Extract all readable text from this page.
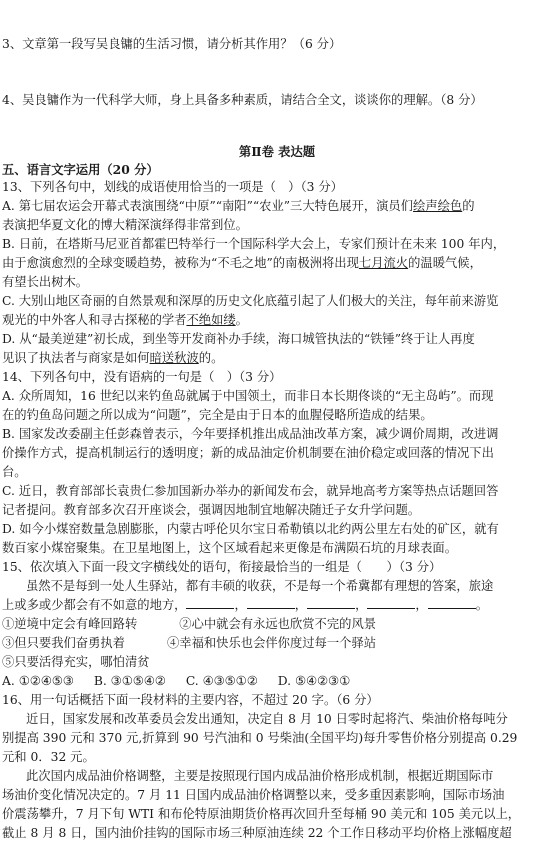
3、文章第一段写吴良镛的生活习惯，请分析其作用？（6 分）
4、吴良镛作为一代科学大师，身上具备多种素质，请结合全文，谈谈你的理解。（8 分）
第Ⅱ卷 表达题
五、语言文字运用（20 分）
13、下列各句中，划线的成语使用恰当的一项是（　）（3 分）
A. 第七届农运会开幕式表演围绕“中原”“南阳”“农业”三大特色展开，演员们绘声绘色的
表演把华夏文化的博大精深演绎得非常到位。
B. 日前，在塔斯马尼亚首都霍巴特举行一个国际科学大会上，专家们预计在未来 100 年内，
由于愈演愈烈的全球变暖趋势，被称为“不毛之地”的南极洲将出现七月流火的温暖气候，
有望长出树木。
C. 大别山地区奇丽的自然景观和深厚的历史文化底蕴引起了人们极大的关注，每年前来游览
观光的中外客人和寻古探秘的学者不绝如缕。
D. 从“最美逆建”初长成，到坐等开发商补办手续，海口城管执法的“铁锤”终于让人再度
见识了执法者与商家是如何暗送秋波的。
14、下列各句中，没有语病的一句是（　）（3 分）
A. 众所周知，16 世纪以来钓鱼岛就属于中国领土，而非日本长期佟谈的“无主岛屿”。而现
在的钓鱼岛问题之所以成为“问题”，完全是由于日本的血腥侵略所造成的结果。
B. 国家发改委副主任彭森曾表示，今年要择机推出成品油改革方案，减少调价周期，改进调
价操作方式，提高机制运行的透明度；新的成品油定价机制要在油价稳定或回落的情况下出
台。
C. 近日，教育部部长袁贵仁参加国新办举办的新闻发布会，就异地高考方案等热点话题回答
记者提问。教育部多次召开座谈会，强调因地制宜地解决随迁子女升学问题。
D. 如今小煤窑数量急剧膨胀，内蒙古呼伦贝尔宝日希勒镇以北约两公里左右处的矿区，就有
数百家小煤窑聚集。在卫星地图上，这个区域看起来更像是布满陨石坑的月球表面。
15、依次填入下面一段文字横线处的语句，衔接最恰当的一组是（　　）（3 分）
虽然不是每到一处人生驿站，都有丰硕的收获，不是每一个希冀都有理想的答案，旅途
上或多或少都会有不如意的地方，	，	，	，	，	。
①逆境中定会有峰回路转	②心中就会有永远也欣赏不完的风景
③但只要我们奋勇执着	④幸福和快乐也会伴你度过每一个驿站
⑤只要活得充实，哪怕清贫
A. ①②④⑤③ B. ③①⑤④② C. ④③⑤①② D. ⑤④②③①
16、用一句话概括下面一段材料的主要内容，不超过 20 字。（6 分）
近日，国家发展和改革委员会发出通知，决定自 8 月 10 日零时起将汽、柴油价格每吨分
别提高 390 元和 370 元,折算到 90 号汽油和 0 号柴油(全国平均)每升零售价格分别提高 0.29
元和 0．32 元。
此次国内成品油价格调整，主要是按照现行国内成品油价格形成机制，根据近期国际市
场油价变化情况决定的。7 月 11 日国内成品油价格调整以来，受多重因素影响，国际市场油
价震荡攀升，7 月下旬 WTI 和布伦特原油期货价格再次回升至每桶 90 美元和 105 美元以上，
截止 8 月 8 日，国内油价挂钩的国际市场三种原油连续 22 个工作日移动平均价格上涨幅度超
